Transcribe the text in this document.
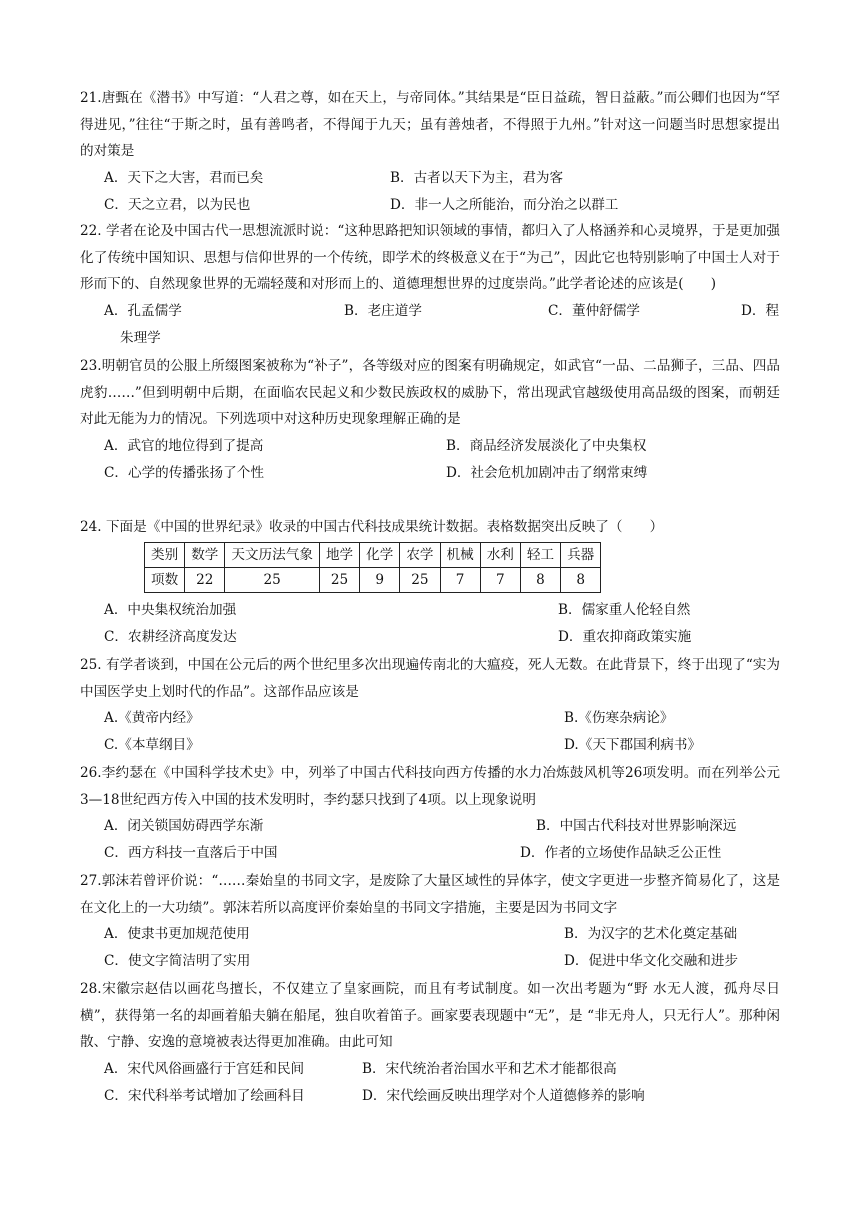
21.唐甄在《潜书》中写道：“人君之尊，如在天上，与帝同体。”其结果是“臣日益疏，智日益蔽。”而公卿们也因为“罕得进见，”往往“于斯之时，虽有善鸣者，不得闻于九天；虽有善烛者，不得照于九州。”针对这一问题当时思想家提出的对策是

A．天下之大害，君而已矣	B．古者以天下为主，君为客
C．天之立君，以为民也	D．非一人之所能治，而分治之以群工

22. 学者在论及中国古代一思想流派时说：“这种思路把知识领域的事情，都归入了人格涵养和心灵境界，于是更加强化了传统中国知识、思想与信仰世界的一个传统，即学术的终极意义在于“为己”，因此它也特别影响了中国士人对于形而下的、自然现象世界的无端轻蔑和对形而上的、道德理想世界的过度崇尚。”此学者论述的应该是(　　)

A．孔孟儒学	B．老庄道学	C．董仲舒儒学	D．程
朱理学

23.明朝官员的公服上所缀图案被称为“补子”，各等级对应的图案有明确规定，如武官“一品、二品狮子，三品、四品虎豹……”但到明朝中后期，在面临农民起义和少数民族政权的威胁下，常出现武官越级使用高品级的图案，而朝廷对此无能为力的情况。下列选项中对这种历史现象理解正确的是

A．武官的地位得到了提高	B．商品经济发展淡化了中央集权
C．心学的传播张扬了个性	D．社会危机加剧冲击了纲常束缚

24. 下面是《中国的世界纪录》收录的中国古代科技成果统计数据。表格数据突出反映了（　　）

类别	数学	天文历法气象	地学	化学	农学	机械	水利	轻工	兵器
项数	22	25	25	9	25	7	7	8	8
A．中央集权统治加强	B．儒家重人伦轻自然
C．农耕经济高度发达	D．重农抑商政策实施

25. 有学者谈到，中国在公元后的两个世纪里多次出现遍传南北的大瘟疫，死人无数。在此背景下，终于出现了“实为中国医学史上划时代的作品”。这部作品应该是

A.《黄帝内经》	B.《伤寒杂病论》
C.《本草纲目》	D.《天下郡国利病书》

26.李约瑟在《中国科学技术史》中，列举了中国古代科技向西方传播的水力冶炼鼓风机等26项发明。而在列举公元3—18世纪西方传入中国的技术发明时，李约瑟只找到了4项。以上现象说明

A．闭关锁国妨碍西学东渐	B．中国古代科技对世界影响深远
C．西方科技一直落后于中国	D．作者的立场使作品缺乏公正性

27.郭沫若曾评价说：“……秦始皇的书同文字，是废除了大量区域性的异体字，使文字更进一步整齐简易化了，这是在文化上的一大功绩”。郭沫若所以高度评价秦始皇的书同文字措施，主要是因为书同文字

A．使隶书更加规范使用	B．为汉字的艺术化奠定基础
C．使文字简洁明了实用	D．促进中华文化交融和进步

28.宋徽宗赵佶以画花鸟擅长，不仅建立了皇家画院，而且有考试制度。如一次出考题为“野 水无人渡，孤舟尽日横”，获得第一名的却画着船夫躺在船尾，独自吹着笛子。画家要表现题中“无”，是 “非无舟人，只无行人”。那种闲散、宁静、安逸的意境被表达得更加准确。由此可知

A．宋代风俗画盛行于宫廷和民间	B．宋代统治者治国水平和艺术才能都很高
C．宋代科举考试增加了绘画科目	D．宋代绘画反映出理学对个人道德修养的影响
